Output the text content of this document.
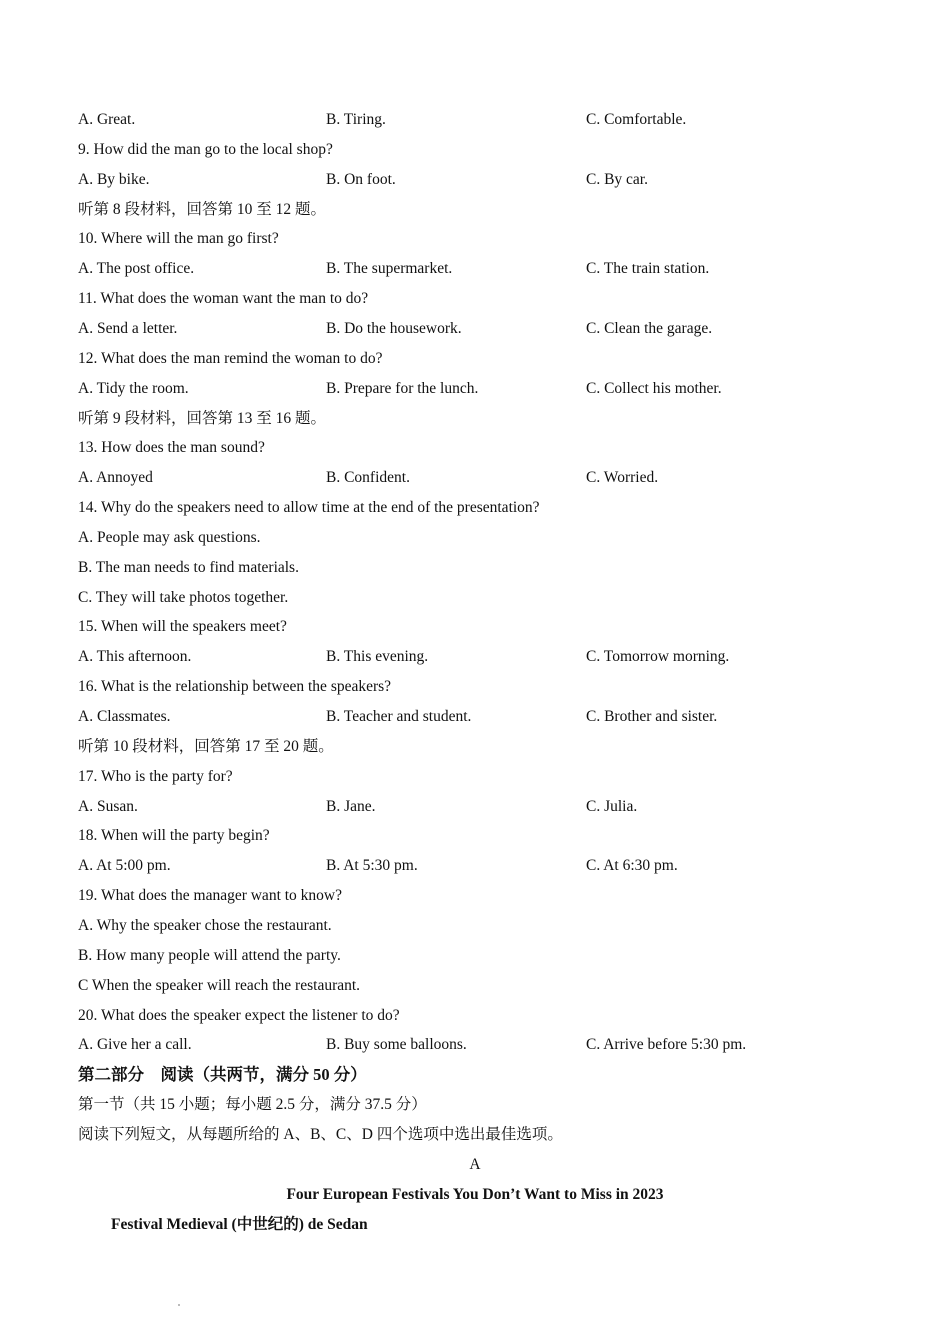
A. Great.	B. Tiring.	C. Comfortable.
9. How did the man go to the local shop?
A. By bike.	B. On foot.	C. By car.
听第 8 段材料，回答第 10 至 12 题。
10. Where will the man go first?
A. The post office.	B. The supermarket.	C. The train station.
11. What does the woman want the man to do?
A. Send a letter.	B. Do the housework.	C. Clean the garage.
12. What does the man remind the woman to do?
A. Tidy the room.	B. Prepare for the lunch.	C. Collect his mother.
听第 9 段材料，回答第 13 至 16 题。
13. How does the man sound?
A. Annoyed	B. Confident.	C. Worried.
14. Why do the speakers need to allow time at the end of the presentation?
A. People may ask questions.
B. The man needs to find materials.
C. They will take photos together.
15. When will the speakers meet?
A. This afternoon.	B. This evening.	C. Tomorrow morning.
16. What is the relationship between the speakers?
A. Classmates.	B. Teacher and student.	C. Brother and sister.
听第 10 段材料，回答第 17 至 20 题。
17. Who is the party for?
A. Susan.	B. Jane.	C. Julia.
18. When will the party begin?
A. At 5:00 pm.	B. At 5:30 pm.	C. At 6:30 pm.
19. What does the manager want to know?
A. Why the speaker chose the restaurant.
B. How many people will attend the party.
C When the speaker will reach the restaurant.
20. What does the speaker expect the listener to do?
A. Give her a call.	B. Buy some balloons.	C. Arrive before 5:30 pm.
第二部分　阅读（共两节，满分 50 分）
第一节（共 15 小题；每小题 2.5 分，满分 37.5 分）
阅读下列短文，从每题所给的 A、B、C、D 四个选项中选出最佳选项。
A
Four European Festivals You Don’t Want to Miss in 2023
Festival Medieval (中世纪的) de Sedan
